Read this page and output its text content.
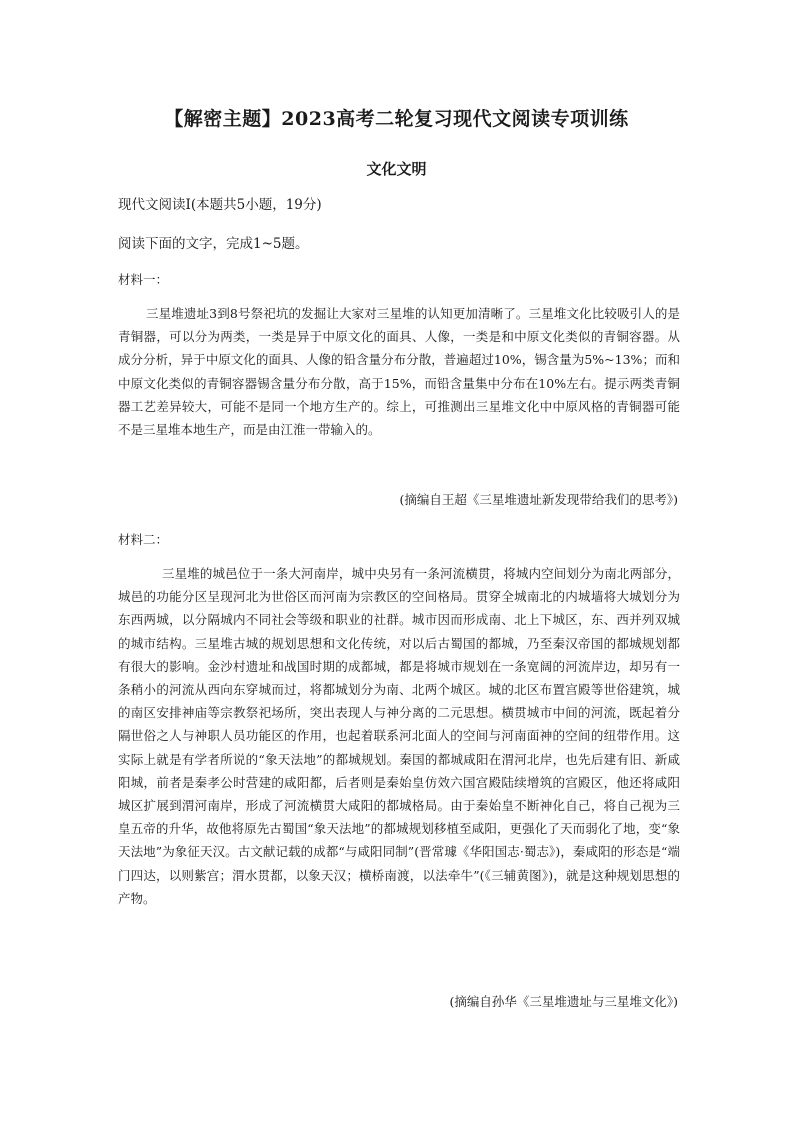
【解密主题】2023高考二轮复习现代文阅读专项训练
文化文明
现代文阅读Ⅰ(本题共5小题，19分)
阅读下面的文字，完成1~5题。
材料一：

三星堆遗址3到8号祭祀坑的发掘让大家对三星堆的认知更加清晰了。三星堆文化比较吸引人的是青铜器，可以分为两类，一类是异于中原文化的面具、人像，一类是和中原文化类似的青铜容器。从成分分析，异于中原文化的面具、人像的铅含量分布分散，普遍超过10%，锡含量为5%~13%；而和中原文化类似的青铜容器锡含量分布分散，高于15%，而铅含量集中分布在10%左右。提示两类青铜器工艺差异较大，可能不是同一个地方生产的。综上，可推测出三星堆文化中中原风格的青铜器可能不是三星堆本地生产，而是由江淮一带输入的。

(摘编自王超《三星堆遗址新发现带给我们的思考》)
材料二：

三星堆的城邑位于一条大河南岸，城中央另有一条河流横贯，将城内空间划分为南北两部分，城邑的功能分区呈现河北为世俗区而河南为宗教区的空间格局。贯穿全城南北的内城墙将大城划分为东西两城，以分隔城内不同社会等级和职业的社群。城市因而形成南、北上下城区，东、西并列双城的城市结构。三星堆古城的规划思想和文化传统，对以后古蜀国的都城，乃至秦汉帝国的都城规划都有很大的影响。金沙村遗址和战国时期的成都城，都是将城市规划在一条宽阔的河流岸边，却另有一条稍小的河流从西向东穿城而过，将都城划分为南、北两个城区。城的北区布置宫殿等世俗建筑，城的南区安排神庙等宗教祭祀场所，突出表现人与神分离的二元思想。横贯城市中间的河流，既起着分隔世俗之人与神职人员功能区的作用，也起着联系河北面人的空间与河南面神的空间的纽带作用。这实际上就是有学者所说的“象天法地”的都城规划。秦国的都城咸阳在渭河北岸，也先后建有旧、新咸阳城，前者是秦孝公时营建的咸阳都，后者则是秦始皇仿效六国宫殿陆续增筑的宫殿区，他还将咸阳城区扩展到渭河南岸，形成了河流横贯大咸阳的都城格局。由于秦始皇不断神化自己，将自己视为三皇五帝的升华，故他将原先古蜀国“象天法地”的都城规划移植至咸阳，更强化了天而弱化了地，变“象天法地”为象征天汉。古文献记载的成都“与咸阳同制”(晋常璩《华阳国志·蜀志》)，秦咸阳的形态是“端门四达，以则紫宫；渭水贯都，以象天汉；横桥南渡，以法牵牛”(《三辅黄图》)，就是这种规划思想的产物。

(摘编自孙华《三星堆遗址与三星堆文化》)
